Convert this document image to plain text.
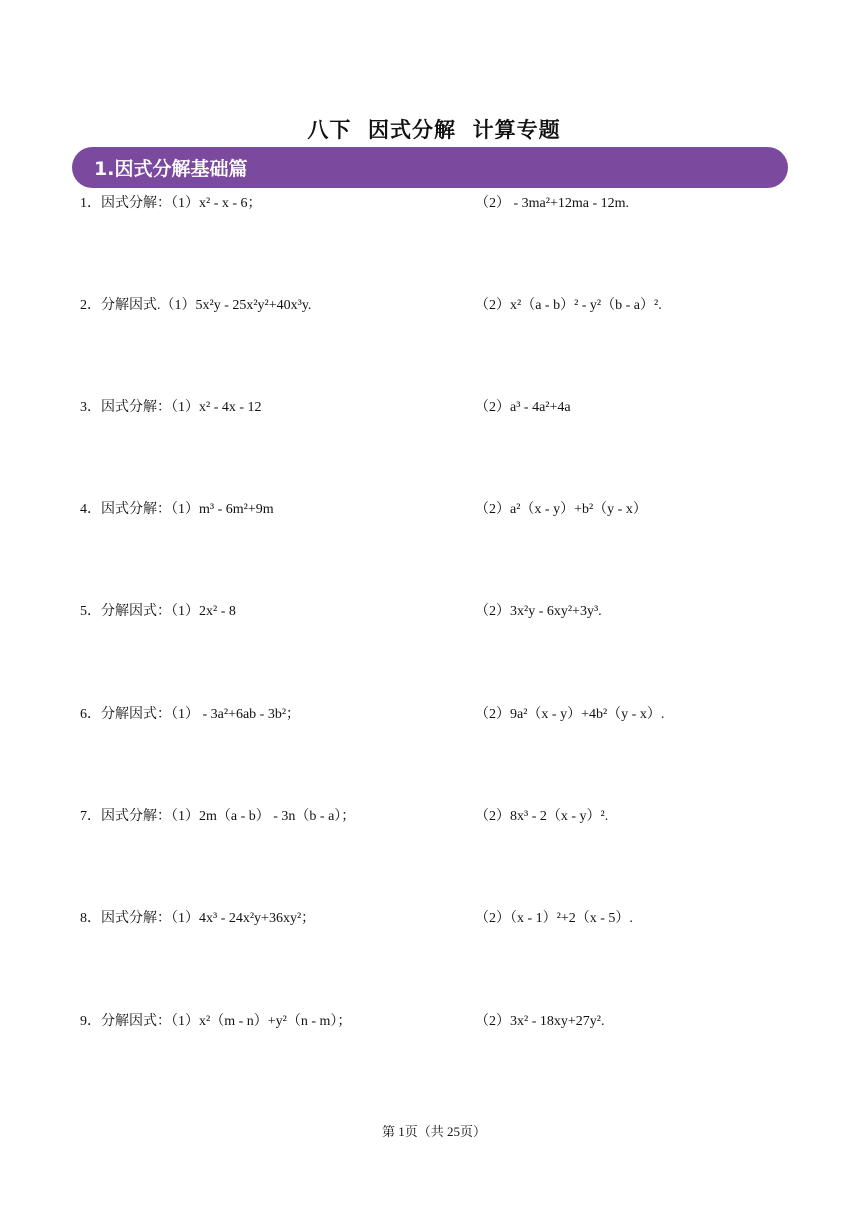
八下  因式分解  计算专题
1.因式分解基础篇
1．因式分解：（1）x² - x - 6；	（2） - 3ma²+12ma - 12m.
2．分解因式.（1）5x²y - 25x²y²+40x³y.	（2）x²（a - b）² - y²（b - a）².
3．因式分解：（1）x² - 4x - 12	（2）a³ - 4a²+4a
4．因式分解：（1）m³ - 6m²+9m	（2）a²（x - y）+b²（y - x）
5．分解因式：（1）2x² - 8	（2）3x²y - 6xy²+3y³.
6．分解因式：（1） - 3a²+6ab - 3b²；	（2）9a²（x - y）+4b²（y - x）.
7．因式分解：（1）2m（a - b） - 3n（b - a）；	（2）8x³ - 2（x - y）².
8．因式分解：（1）4x³ - 24x²y+36xy²；	（2）（x - 1）²+2（x - 5）.
9．分解因式：（1）x²（m - n）+y²（n - m）；	（2）3x² - 18xy+27y².
第 1页（共 25页）
